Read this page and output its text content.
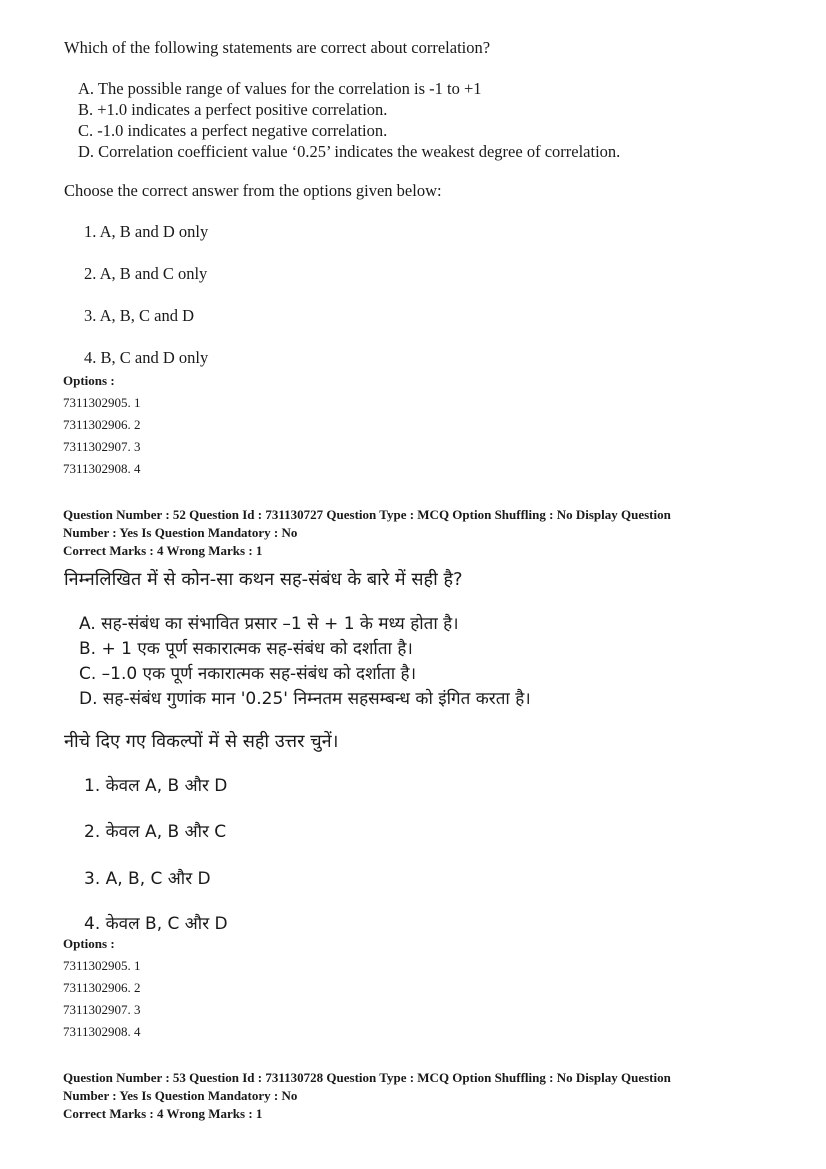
Which of the following statements are correct about correlation?
A. The possible range of values for the correlation is -1 to +1
B. +1.0 indicates a perfect positive correlation.
C. -1.0 indicates a perfect negative correlation.
D. Correlation coefficient value ‘0.25’ indicates the weakest degree of correlation.
Choose the correct answer from the options given below:
1. A, B and D only
2. A, B and C only
3. A, B, C and D
4. B, C and D only
Options :
7311302905. 1
7311302906. 2
7311302907. 3
7311302908. 4
Question Number : 52 Question Id : 731130727 Question Type : MCQ Option Shuffling : No Display Question
Number : Yes Is Question Mandatory : No
Correct Marks : 4 Wrong Marks : 1
निम्नलिखित में से कोन-सा कथन सह-संबंध के बारे में सही है?
A. सह-संबंध का संभावित प्रसार –1 से + 1 के मध्य होता है।
B. + 1 एक पूर्ण सकारात्मक सह-संबंध को दर्शाता है।
C. –1.0 एक पूर्ण नकारात्मक सह-संबंध को दर्शाता है।
D. सह-संबंध गुणांक मान '0.25' निम्नतम सहसम्बन्ध को इंगित करता है।
नीचे दिए गए विकल्पों में से सही उत्तर चुनें।
1. केवल A, B और D
2. केवल A, B और C
3. A, B, C और D
4. केवल B, C और D
Options :
7311302905. 1
7311302906. 2
7311302907. 3
7311302908. 4
Question Number : 53 Question Id : 731130728 Question Type : MCQ Option Shuffling : No Display Question
Number : Yes Is Question Mandatory : No
Correct Marks : 4 Wrong Marks : 1
